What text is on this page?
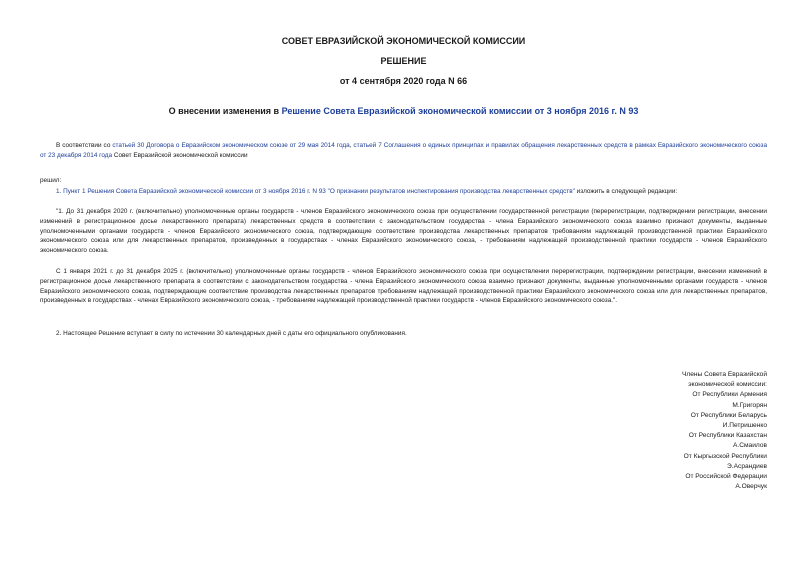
СОВЕТ ЕВРАЗИЙСКОЙ ЭКОНОМИЧЕСКОЙ КОМИССИИ
РЕШЕНИЕ
от 4 сентября 2020 года N 66
О внесении изменения в Решение Совета Евразийской экономической комиссии от 3 ноября 2016 г. N 93
В соответствии со статьей 30 Договора о Евразийском экономическом союзе от 29 мая 2014 года, статьей 7 Соглашения о единых принципах и правилах обращения лекарственных средств в рамках Евразийского экономического союза от 23 декабря 2014 года Совет Евразийской экономической комиссии
решил:
1. Пункт 1 Решения Совета Евразийской экономической комиссии от 3 ноября 2016 г. N 93 "О признании результатов инспектирования производства лекарственных средств" изложить в следующей редакции:
"1. До 31 декабря 2020 г. (включительно) уполномоченные органы государств - членов Евразийского экономического союза при осуществлении государственной регистрации (перерегистрации, подтверждении регистрации, внесении изменений в регистрационное досье лекарственного препарата) лекарственных средств в соответствии с законодательством государства - члена Евразийского экономического союза взаимно признают документы, выданные уполномоченными органами государств - членов Евразийского экономического союза, подтверждающие соответствие производства лекарственных препаратов требованиям надлежащей производственной практики Евразийского экономического союза или для лекарственных препаратов, произведенных в государствах - членах Евразийского экономического союза, - требованиям надлежащей производственной практики государств - членов Евразийского экономического союза.
С 1 января 2021 г. до 31 декабря 2025 г. (включительно) уполномоченные органы государств - членов Евразийского экономического союза при осуществлении перерегистрации, подтверждении регистрации, внесении изменений в регистрационное досье лекарственного препарата в соответствии с законодательством государства - члена Евразийского экономического союза взаимно признают документы, выданные уполномоченными органами государств - членов Евразийского экономического союза, подтверждающие соответствие производства лекарственных препаратов требованиям надлежащей производственной практики Евразийского экономического союза или для лекарственных препаратов, произведенных в государствах - членах Евразийского экономического союза, - требованиям надлежащей производственной практики государств - членов Евразийского экономического союза.".
2. Настоящее Решение вступает в силу по истечении 30 календарных дней с даты его официального опубликования.
Члены Совета Евразийской
экономической комиссии:
От Республики Армения
М.Григорян
От Республики Беларусь
И.Петришенко
От Республики Казахстан
А.Смаилов
От Кыргызской Республики
Э.Асрандиев
От Российской Федерации
А.Оверчук
